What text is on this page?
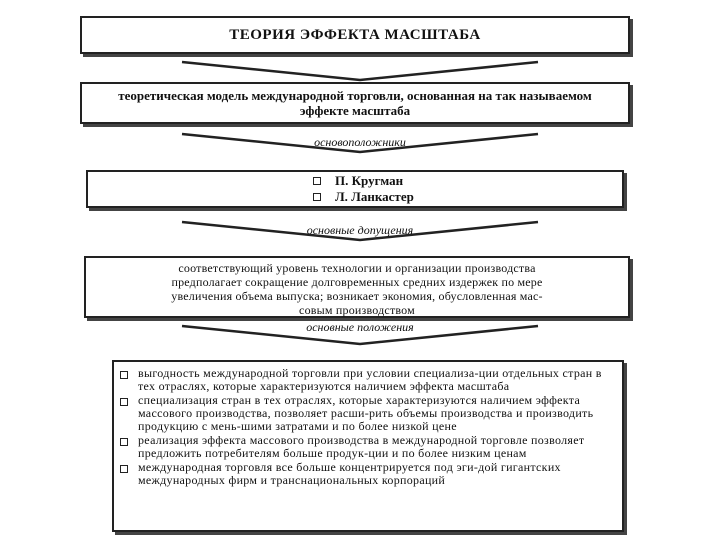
ТЕОРИЯ ЭФФЕКТА МАСШТАБА
теоретическая модель международной торговли, основанная на так называемом эффекте масштаба
основоположники
П. Кругман
Л. Ланкастер
основные допущения
соответствующий уровень технологии и организации производства
предполагает сокращение долговременных средних издержек по мере
увеличения объема выпуска; возникает экономия, обусловленная мас-
совым производством
основные положения
выгодность международной торговли при условии специализа-ции отдельных стран в тех отраслях, которые характеризуются наличием эффекта масштаба
специализация стран в тех отраслях, которые характеризуются наличием эффекта массового производства, позволяет расши-рить объемы производства и производить продукцию с мень-шими затратами и по более низкой цене
реализация эффекта массового производства в международной торговле позволяет предложить потребителям больше продук-ции и по более низким ценам
международная торговля все больше концентрируется под эги-дой гигантских международных фирм и транснациональных корпораций
